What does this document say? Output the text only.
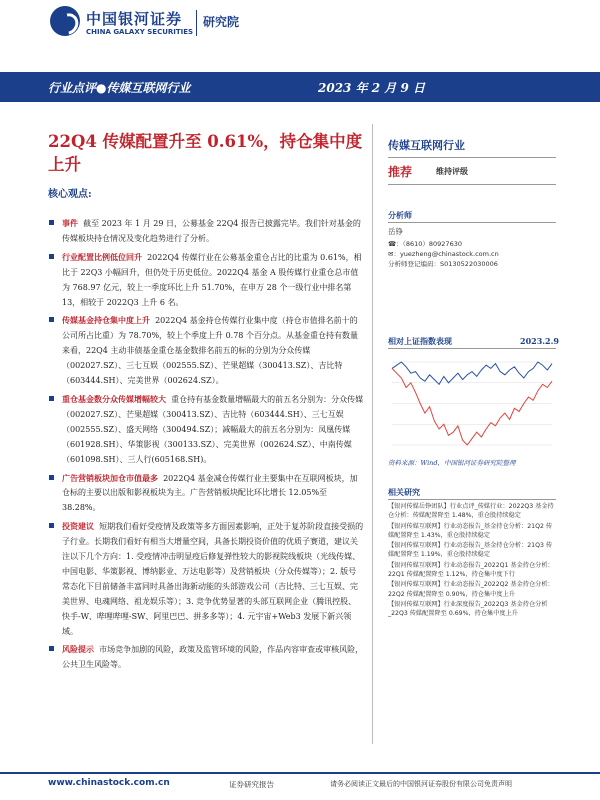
中国银河证券
CHINA GALAXY SECURITIES
研究院
行业点评●传媒互联网行业	2023 年 2 月 9 日
22Q4 传媒配置升至 0.61%，持仓集中度上升
核心观点:
事件 截至 2023 年 1 月 29 日，公募基金 22Q4 报告已披露完毕。我们针对基金的传媒板块持仓情况及变化趋势进行了分析。
行业配置比例低位回升 2022Q4 传媒行业在公募基金重仓占比的比重为 0.61%，相比于 22Q3 小幅回升，但仍处于历史低位。2022Q4 基金 A 股传媒行业重仓总市值为 768.97 亿元，较上一季度环比上升 51.70%，在申万 28 个一级行业中排名第 13，相较于 2022Q3 上升 6 名。
传媒基金持仓集中度上升 2022Q4 基金持仓传媒行业集中度（持仓市值排名前十的公司所占比重）为 78.70%，较上个季度上升 0.78 个百分点。从基金重仓持有数量来看，22Q4 主动非债基金重仓基金数排名前五的标的分别为分众传媒（002027.SZ）、三七互娱（002555.SZ）、芒果超媒（300413.SZ）、吉比特（603444.SH）、完美世界（002624.SZ）。
重仓基金数分众传媒增幅较大 重仓持有基金数量增幅最大的前五名分别为：分众传媒（002027.SZ）、芒果超媒（300413.SZ）、吉比特（603444.SH）、三七互娱（002555.SZ）、盛天网络（300494.SZ）；减幅最大的前五名分别为：凤凰传媒（601928.SH）、华策影视（300133.SZ）、完美世界（002624.SZ）、中南传媒（601098.SH）、三人行(605168.SH)。
广告营销板块加仓市值最多 2022Q4 基金减仓传媒行业主要集中在互联网板块，加仓标的主要以出版和影视板块为主。广告营销板块配比环比增长 12.05%至 38.28%。
投资建议 短期我们看好受疫情及政策等多方面因素影响，正处于复苏阶段直接受损的子行业。长期我们看好有相当大增量空间，具备长期投资价值的优质子赛道，建议关注以下几个方向：1. 受疫情冲击明显疫后修复弹性较大的影视院线板块（光线传媒、中国电影、华策影视、博纳影业、万达电影等）及营销板块（分众传媒等）；2. 版号常态化下目前储备丰富同时具备出海新动能的头部游戏公司（吉比特、三七互娱、完美世界、电魂网络、祖龙娱乐等）；3. 竞争优势显著的头部互联网企业（腾讯控股、快手-W、哔哩哔哩-SW、阿里巴巴、拼多多等）；4. 元宇宙+Web3 发展下新兴领域。
风险提示 市场竞争加剧的风险，政策及监管环境的风险，作品内容审查或审核风险，公共卫生风险等。
传媒互联网行业
推荐	维持评级
分析师
岳铮
☎：（8610）80927630
✉：yuezheng@chinastock.com.cn
分析师登记编码：S0130522030006
相对上证指数表现	2023.2.9
资料来源：Wind，中国银河证券研究院整理
相关研究
【银河传媒岳铮团队】行业点评_传媒行业：2022Q3 基金持仓分析：传媒配置降至 1.48%，重仓股持续稳定
【银河传媒互联网】行业动态报告_基金持仓分析：21Q2 传媒配置降至 1.43%，重仓股持续稳定
【银河传媒互联网】行业动态报告_基金持仓分析：21Q3 传媒配置降至 1.19%，重仓股持续稳定
【银河传媒互联网】行业动态报告_2022Q1 基金持仓分析：22Q1 传媒配置降至 1.12%，持仓集中度下行
【银河传媒互联网】行业动态报告_2022Q2 基金持仓分析：22Q2 传媒配置降至 0.90%，持仓集中度上升
【银河传媒互联网】行业深度报告_2022Q3 基金持仓分析_22Q3 传媒配置降至 0.69%，持仓集中度上升
www.chinastock.com.cn	证券研究报告	请务必阅读正文最后的中国银河证券股份有限公司免责声明
